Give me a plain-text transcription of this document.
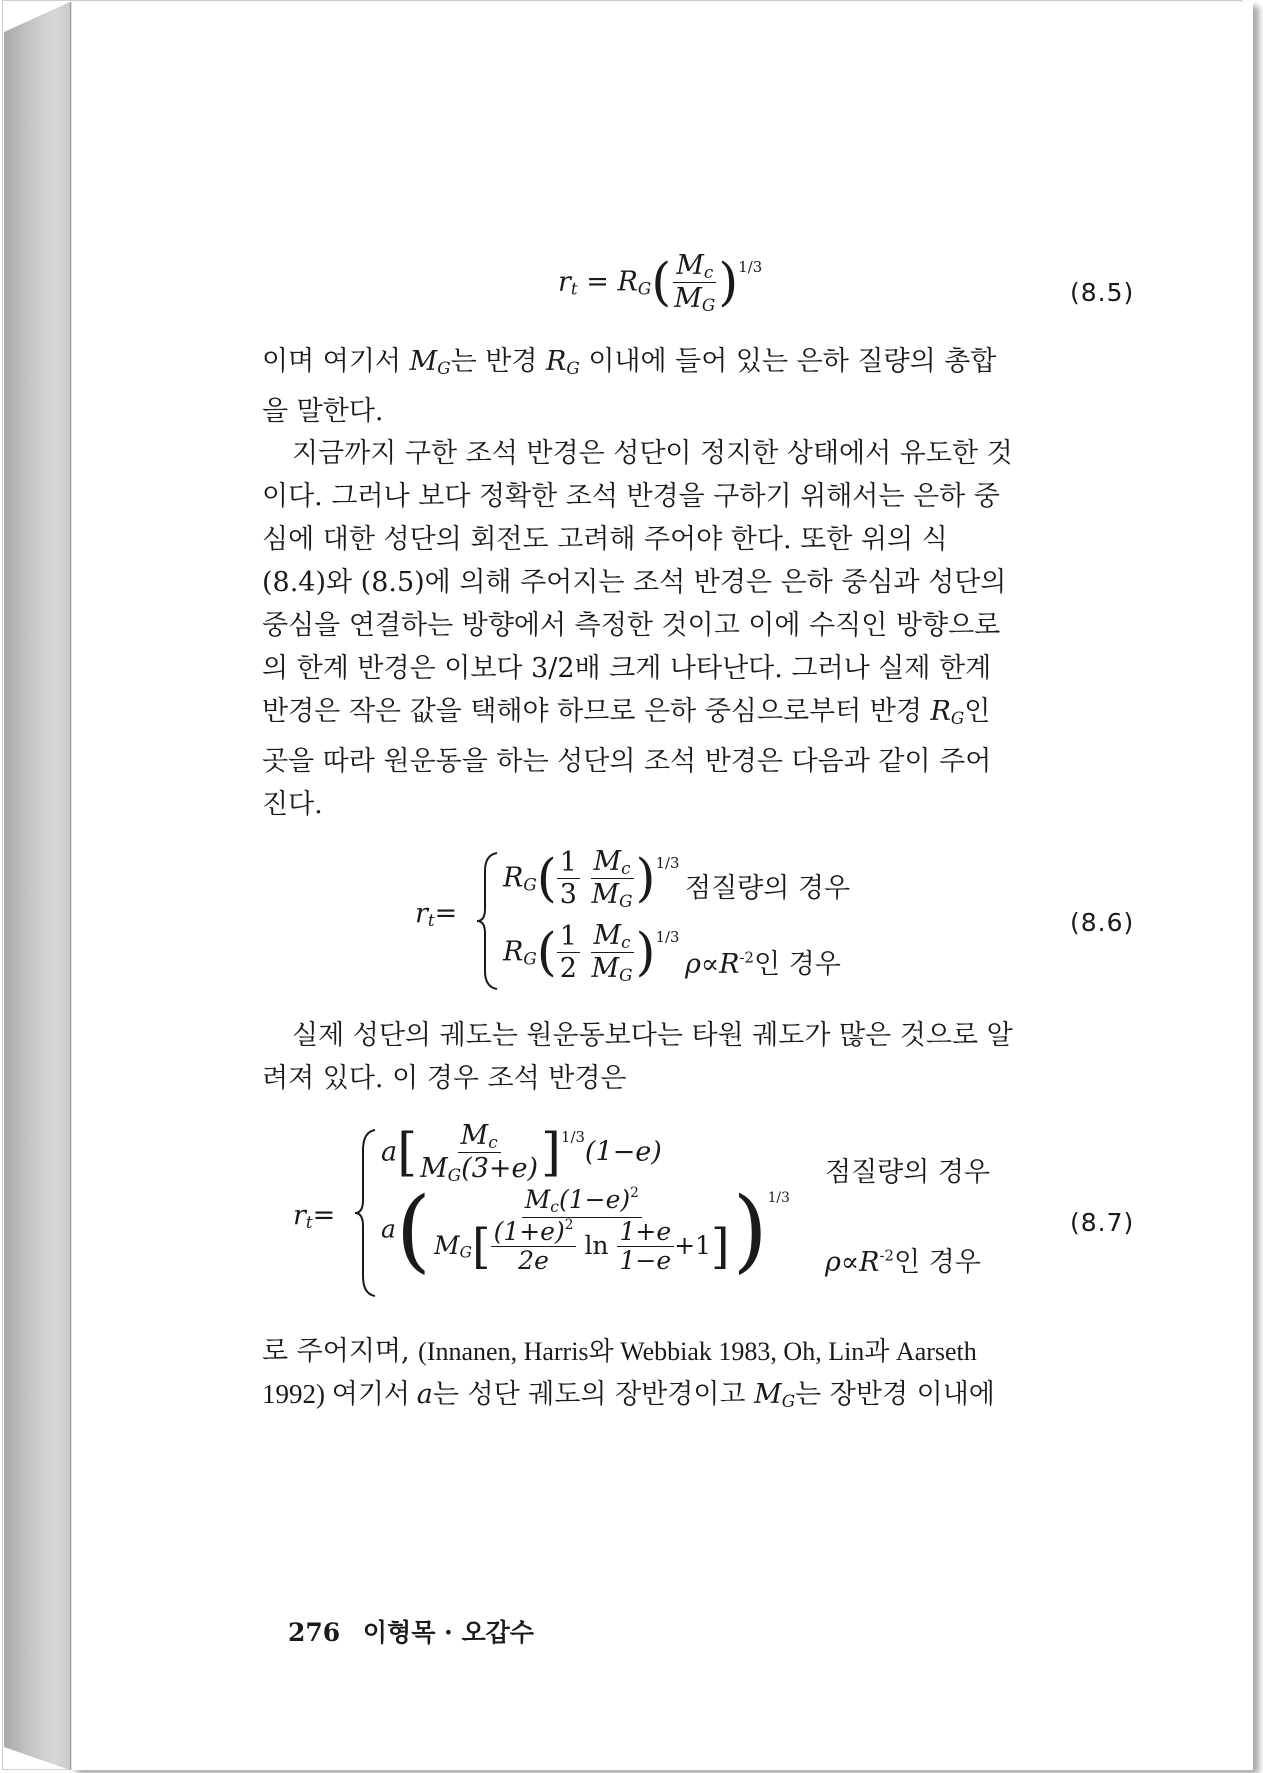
$r_t = R_G( \frac{M_c}{M_G} )^{1/3}$
(8.5)
이며 여기서 $M_G$는 반경 $R_G$ 이내에 들어 있는 은하 질량의 총합
을 말한다.
지금까지 구한 조석 반경은 성단이 정지한 상태에서 유도한 것
이다. 그러나 보다 정확한 조석 반경을 구하기 위해서는 은하 중
심에 대한 성단의 회전도 고려해 주어야 한다. 또한 위의 식
(8.4)와 (8.5)에 의해 주어지는 조석 반경은 은하 중심과 성단의
중심을 연결하는 방향에서 측정한 것이고 이에 수직인 방향으로
의 한계 반경은 이보다 3/2배 크게 나타난다. 그러나 실제 한계
반경은 작은 값을 택해야 하므로 은하 중심으로부터 반경 $R_G$인
곳을 따라 원운동을 하는 성단의 조석 반경은 다음과 같이 주어
진다.
$r_t=$
$R_G( \frac{1}{3}$
$\frac{M_c}{M_G} )^{1/3}$
점질량의 경우
$R_G( \frac{1}{2}$
$\frac{M_c}{M_G} )^{1/3}$
$\rho\propto R^{-2}$인 경우
(8.6)
실제 성단의 궤도는 원운동보다는 타원 궤도가 많은 것으로 알
려져 있다. 이 경우 조석 반경은
$r_t=$
$a[ \frac{M_c}{M_G(3+e)} ]^{1/3}(1-e)$
점질량의 경우
$a( \frac{M_c(1-e)^2}{M_G[ \frac{(1+e)^2}{2e} \ln \frac{1+e}{1-e} +1]} )^{1/3}$
$\rho\propto R^{-2}$인 경우
(8.7)
로 주어지며, (Innanen, Harris와 Webbiak 1983, Oh, Lin과 Aarseth
1992) 여기서 a는 성단 궤도의 장반경이고 $M_G$는 장반경 이내에
276 이형목 · 오갑수
